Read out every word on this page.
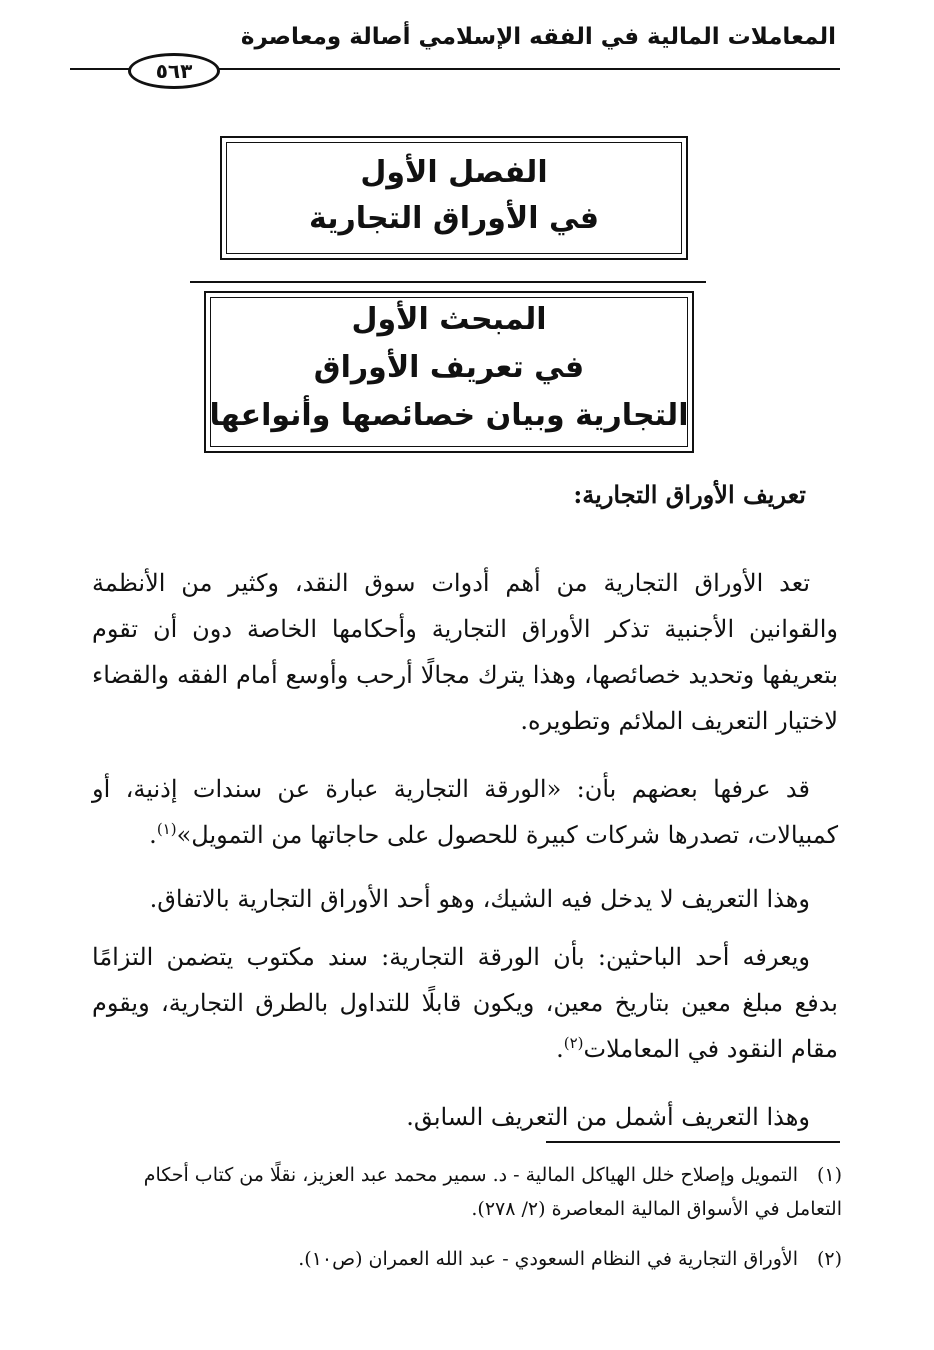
المعاملات المالية في الفقه الإسلامي أصالة ومعاصرة
٥٦٣
الفصل الأول
في الأوراق التجارية
المبحث الأول
في تعريف الأوراق
التجارية وبيان خصائصها وأنواعها
تعريف الأوراق التجارية:

تعد الأوراق التجارية من أهم أدوات سوق النقد، وكثير من الأنظمة والقوانين الأجنبية تذكر الأوراق التجارية وأحكامها الخاصة دون أن تقوم بتعريفها وتحديد خصائصها، وهذا يترك مجالًا أرحب وأوسع أمام الفقه والقضاء لاختيار التعريف الملائم وتطويره.

قد عرفها بعضهم بأن: «الورقة التجارية عبارة عن سندات إذنية، أو كمبيالات، تصدرها شركات كبيرة للحصول على حاجاتها من التمويل»$^{(١)}$.

وهذا التعريف لا يدخل فيه الشيك، وهو أحد الأوراق التجارية بالاتفاق.

ويعرفه أحد الباحثين: بأن الورقة التجارية: سند مكتوب يتضمن التزامًا بدفع مبلغ معين بتاريخ معين، ويكون قابلًا للتداول بالطرق التجارية، ويقوم مقام النقود في المعاملات$^{(٢)}$.

وهذا التعريف أشمل من التعريف السابق.

(١)التمويل وإصلاح خلل الهياكل المالية - د. سمير محمد عبد العزيز، نقلًا من كتاب أحكام التعامل في الأسواق المالية المعاصرة (٢/ ٢٧٨).
(٢)الأوراق التجارية في النظام السعودي - عبد الله العمران (ص١٠).
